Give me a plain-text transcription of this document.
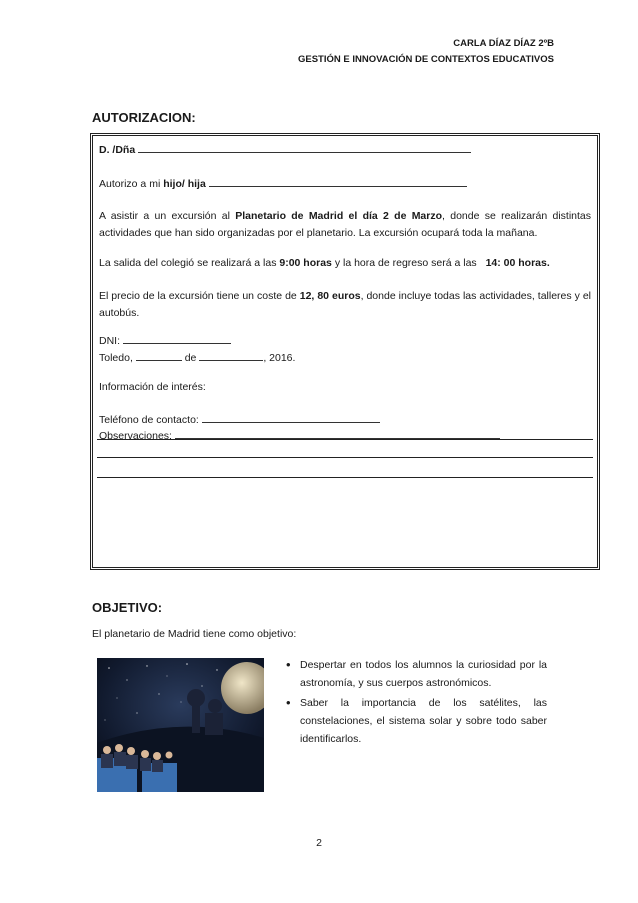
CARLA DÍAZ DÍAZ 2ºB
GESTIÓN E INNOVACIÓN DE CONTEXTOS EDUCATIVOS
AUTORIZACION:
D. /Dña
Autorizo a mi hijo/ hija
A asistir a un excursión al Planetario de Madrid el día 2 de Marzo, donde se realizarán distintas actividades que han sido organizadas por el planetario. La excursión ocupará toda la mañana.
La salida del colegió se realizará a las 9:00 horas y la hora de regreso será a las 14: 00 horas.
El precio de la excursión tiene un coste de 12, 80 euros, donde incluye todas las actividades, talleres y el autobús.
DNI:
Toledo,	de	, 2016.
Información de interés:
Teléfono de contacto:
Observaciones:
OBJETIVO:
El planetario de Madrid tiene como objetivo:
• Despertar en todos los alumnos la curiosidad por la astronomía, y sus cuerpos astronómicos.
• Saber la importancia de los satélites, las constelaciones, el sistema solar y sobre todo saber identificarlos.
2
